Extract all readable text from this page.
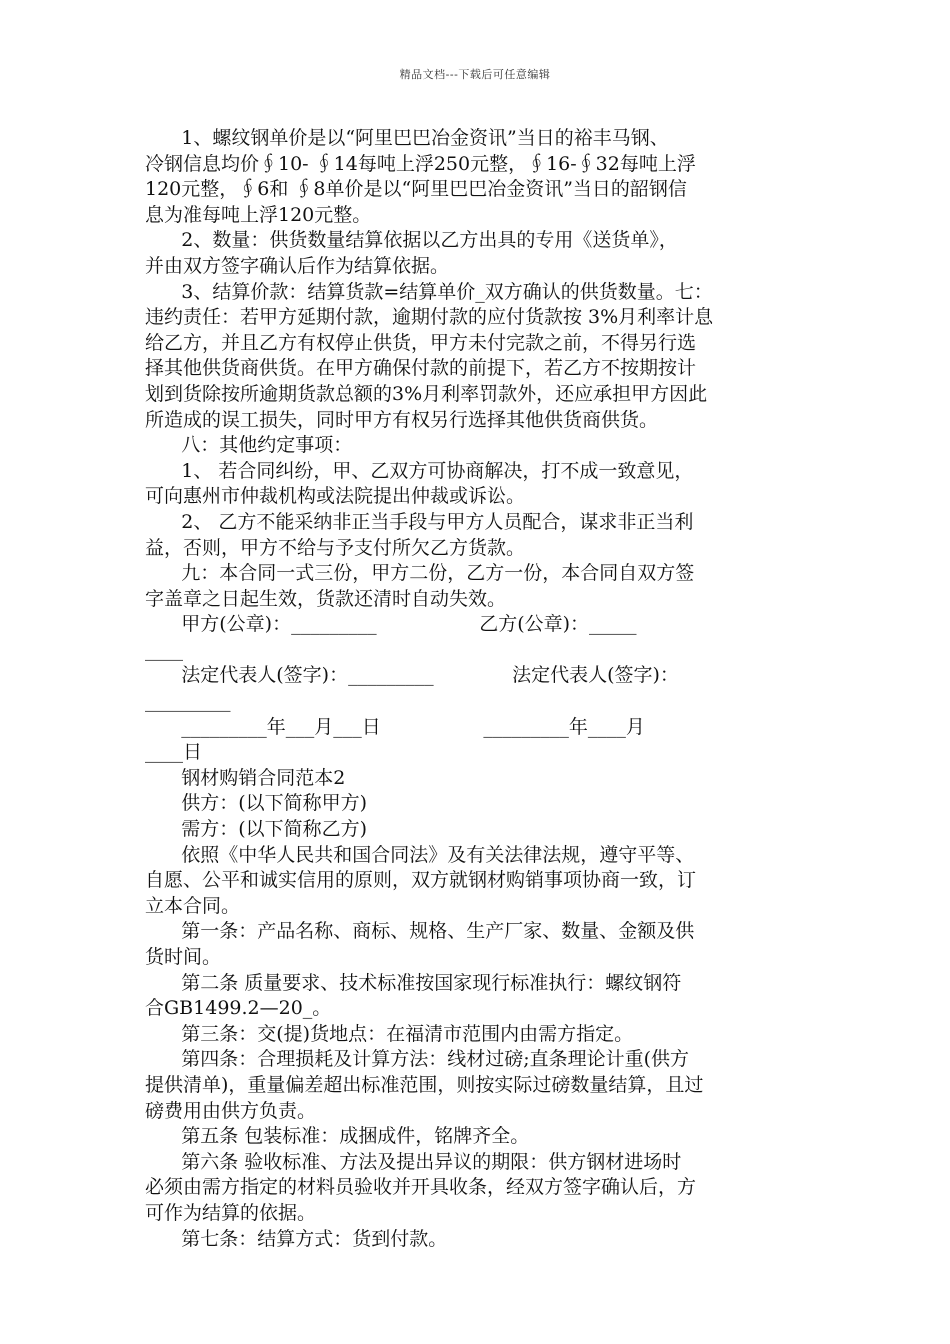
精品文档---下载后可任意编辑
1、螺纹钢单价是以“阿里巴巴冶金资讯”当日的裕丰马钢、
冷钢信息均价∮10- ∮14每吨上浮250元整，∮16-∮32每吨上浮
120元整，∮6和 ∮8单价是以“阿里巴巴冶金资讯”当日的韶钢信
息为准每吨上浮120元整。
2、数量：供货数量结算依据以乙方出具的专用《送货单》，
并由双方签字确认后作为结算依据。
3、结算价款：结算货款=结算单价_双方确认的供货数量。七：
违约责任：若甲方延期付款，逾期付款的应付货款按 3%月利率计息
给乙方，并且乙方有权停止供货，甲方未付完款之前，不得另行选
择其他供货商供货。在甲方确保付款的前提下，若乙方不按期按计
划到货除按所逾期货款总额的3%月利率罚款外，还应承担甲方因此
所造成的误工损失，同时甲方有权另行选择其他供货商供货。
八：其他约定事项：
1、 若合同纠纷，甲、乙双方可协商解决，打不成一致意见，
可向惠州市仲裁机构或法院提出仲裁或诉讼。
2、 乙方不能采纳非正当手段与甲方人员配合，谋求非正当利
益，否则，甲方不给与予支付所欠乙方货款。
九：本合同一式三份，甲方二份，乙方一份，本合同自双方签
字盖章之日起生效，货款还清时自动失效。
甲方(公章)：_________                 乙方(公章)：_____
____
法定代表人(签字)：_________             法定代表人(签字)：
_________
_________年___月___日                 _________年____月
____日
钢材购销合同范本2
供方：(以下简称甲方)
需方：(以下简称乙方)
依照《中华人民共和国合同法》及有关法律法规，遵守平等、
自愿、公平和诚实信用的原则，双方就钢材购销事项协商一致，订
立本合同。
第一条：产品名称、商标、规格、生产厂家、数量、金额及供
货时间。
第二条 质量要求、技术标准按国家现行标准执行：螺纹钢符
合GB1499.2—20_。
第三条：交(提)货地点：在福清市范围内由需方指定。
第四条：合理损耗及计算方法：线材过磅;直条理论计重(供方
提供清单)，重量偏差超出标准范围，则按实际过磅数量结算，且过
磅费用由供方负责。
第五条 包装标准：成捆成件，铭牌齐全。
第六条 验收标准、方法及提出异议的期限：供方钢材进场时
必须由需方指定的材料员验收并开具收条，经双方签字确认后，方
可作为结算的依据。
第七条：结算方式：货到付款。
